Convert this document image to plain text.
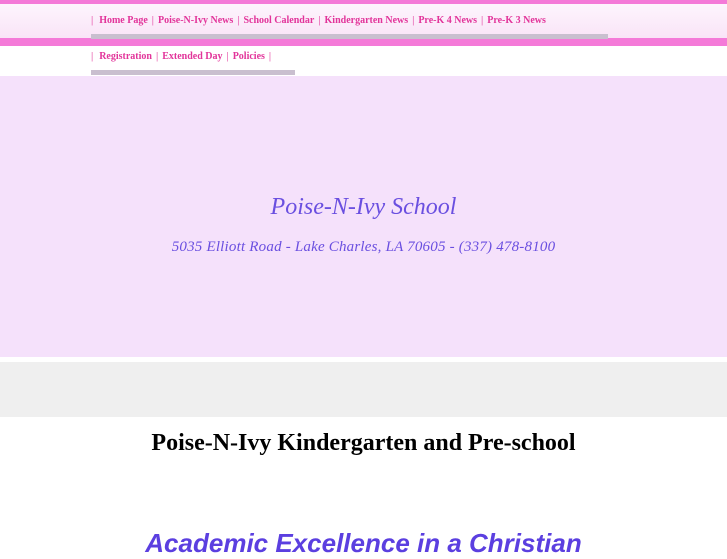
| Home Page | Poise-N-Ivy News | School Calendar | Kindergarten News | Pre-K 4 News | Pre-K 3 News
| Registration | Extended Day | Policies |
Poise-N-Ivy School
5035 Elliott Road - Lake Charles, LA 70605 - (337) 478-8100
Poise-N-Ivy Kindergarten and Pre-school
Academic Excellence in a Christian
